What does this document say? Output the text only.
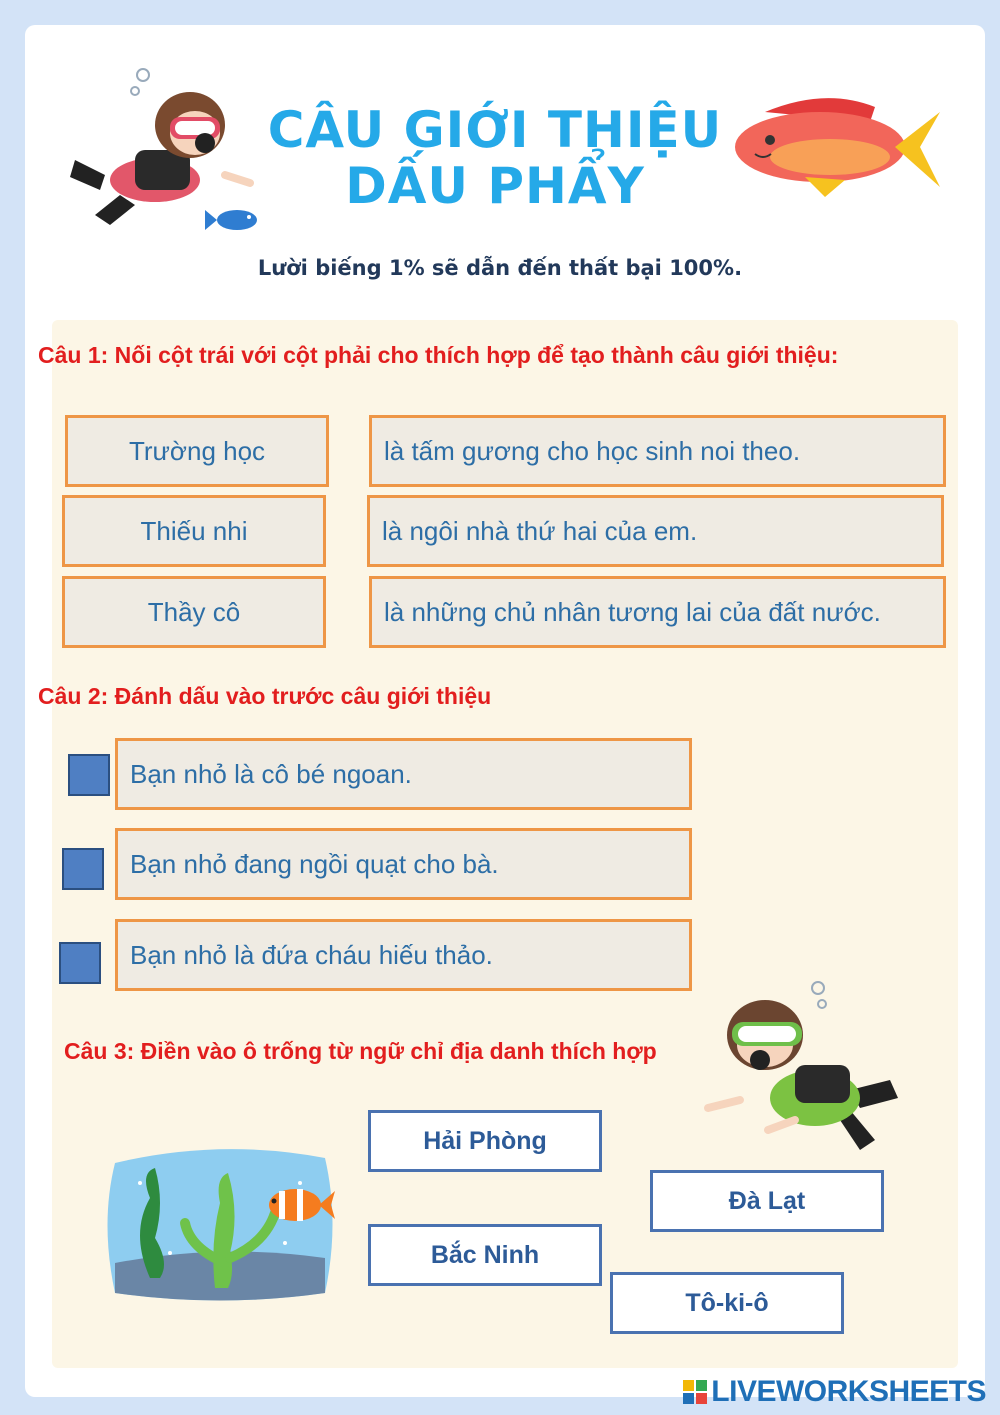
CÂU GIỚI THIỆU
DẤU PHẨY
Lười biếng 1% sẽ dẫn đến thất bại 100%.
Câu 1: Nối cột trái với cột phải cho thích hợp để tạo thành câu giới thiệu:
Trường học
Thiếu nhi
Thầy cô
là tấm gương cho học sinh noi theo.
là ngôi nhà thứ hai của em.
là những chủ nhân tương lai của đất nước.
Câu 2: Đánh dấu vào trước câu giới thiệu
Bạn nhỏ là cô bé ngoan.
Bạn nhỏ đang ngồi quạt cho bà.
Bạn nhỏ là đứa cháu hiếu thảo.
Câu 3: Điền vào ô trống từ ngữ chỉ địa danh thích hợp
Hải Phòng
Đà Lạt
Bắc Ninh
Tô-ki-ô
LIVEWORKSHEETS
